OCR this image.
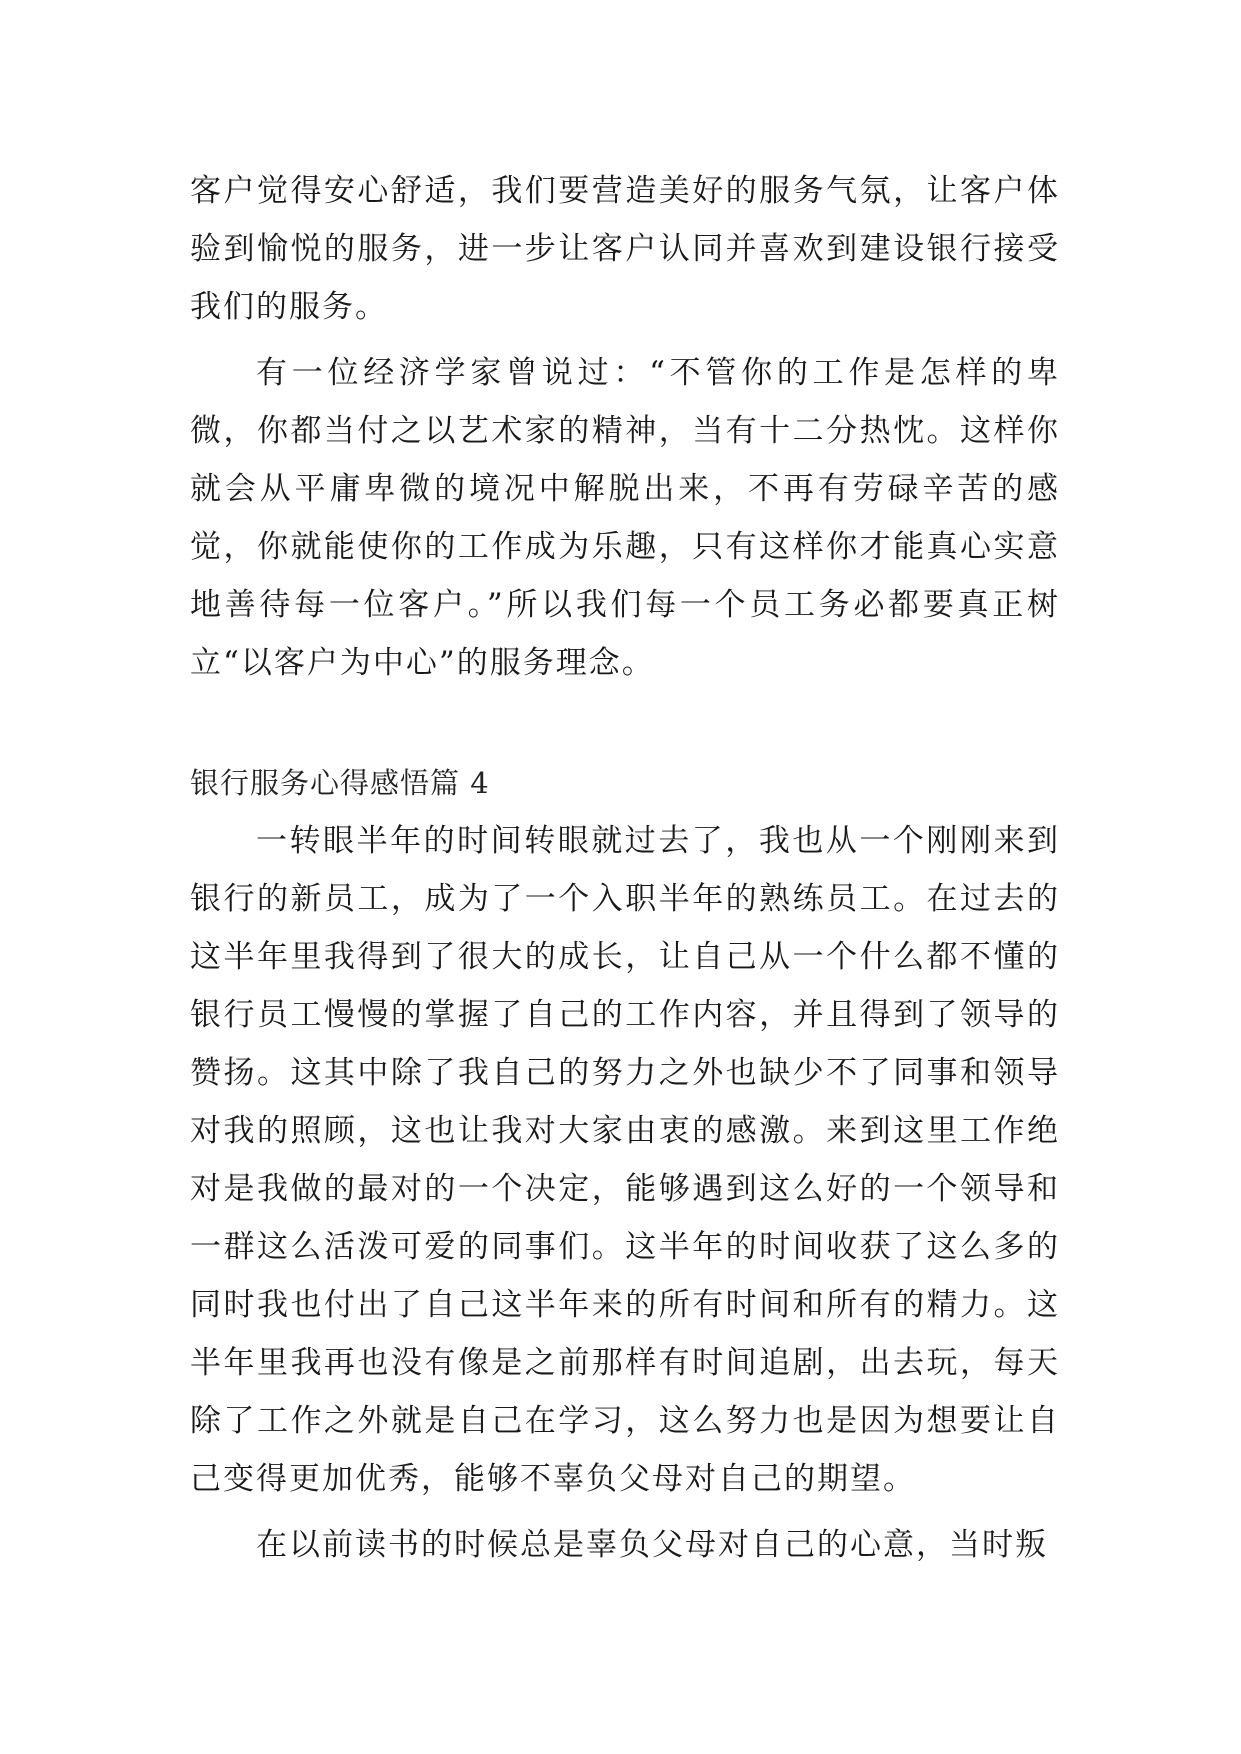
客户觉得安心舒适，我们要营造美好的服务气氛，让客户体验到愉悦的服务，进一步让客户认同并喜欢到建设银行接受我们的服务。

有一位经济学家曾说过：“不管你的工作是怎样的卑微，你都当付之以艺术家的精神，当有十二分热忱。这样你就会从平庸卑微的境况中解脱出来，不再有劳碌辛苦的感觉，你就能使你的工作成为乐趣，只有这样你才能真心实意地善待每一位客户。”所以我们每一个员工务必都要真正树立“以客户为中心”的服务理念。

银行服务心得感悟篇 4

一转眼半年的时间转眼就过去了，我也从一个刚刚来到银行的新员工，成为了一个入职半年的熟练员工。在过去的这半年里我得到了很大的成长，让自己从一个什么都不懂的银行员工慢慢的掌握了自己的工作内容，并且得到了领导的赞扬。这其中除了我自己的努力之外也缺少不了同事和领导对我的照顾，这也让我对大家由衷的感激。来到这里工作绝对是我做的最对的一个决定，能够遇到这么好的一个领导和一群这么活泼可爱的同事们。这半年的时间收获了这么多的同时我也付出了自己这半年来的所有时间和所有的精力。这半年里我再也没有像是之前那样有时间追剧，出去玩，每天除了工作之外就是自己在学习，这么努力也是因为想要让自己变得更加优秀，能够不辜负父母对自己的期望。

在以前读书的时候总是辜负父母对自己的心意，当时叛
